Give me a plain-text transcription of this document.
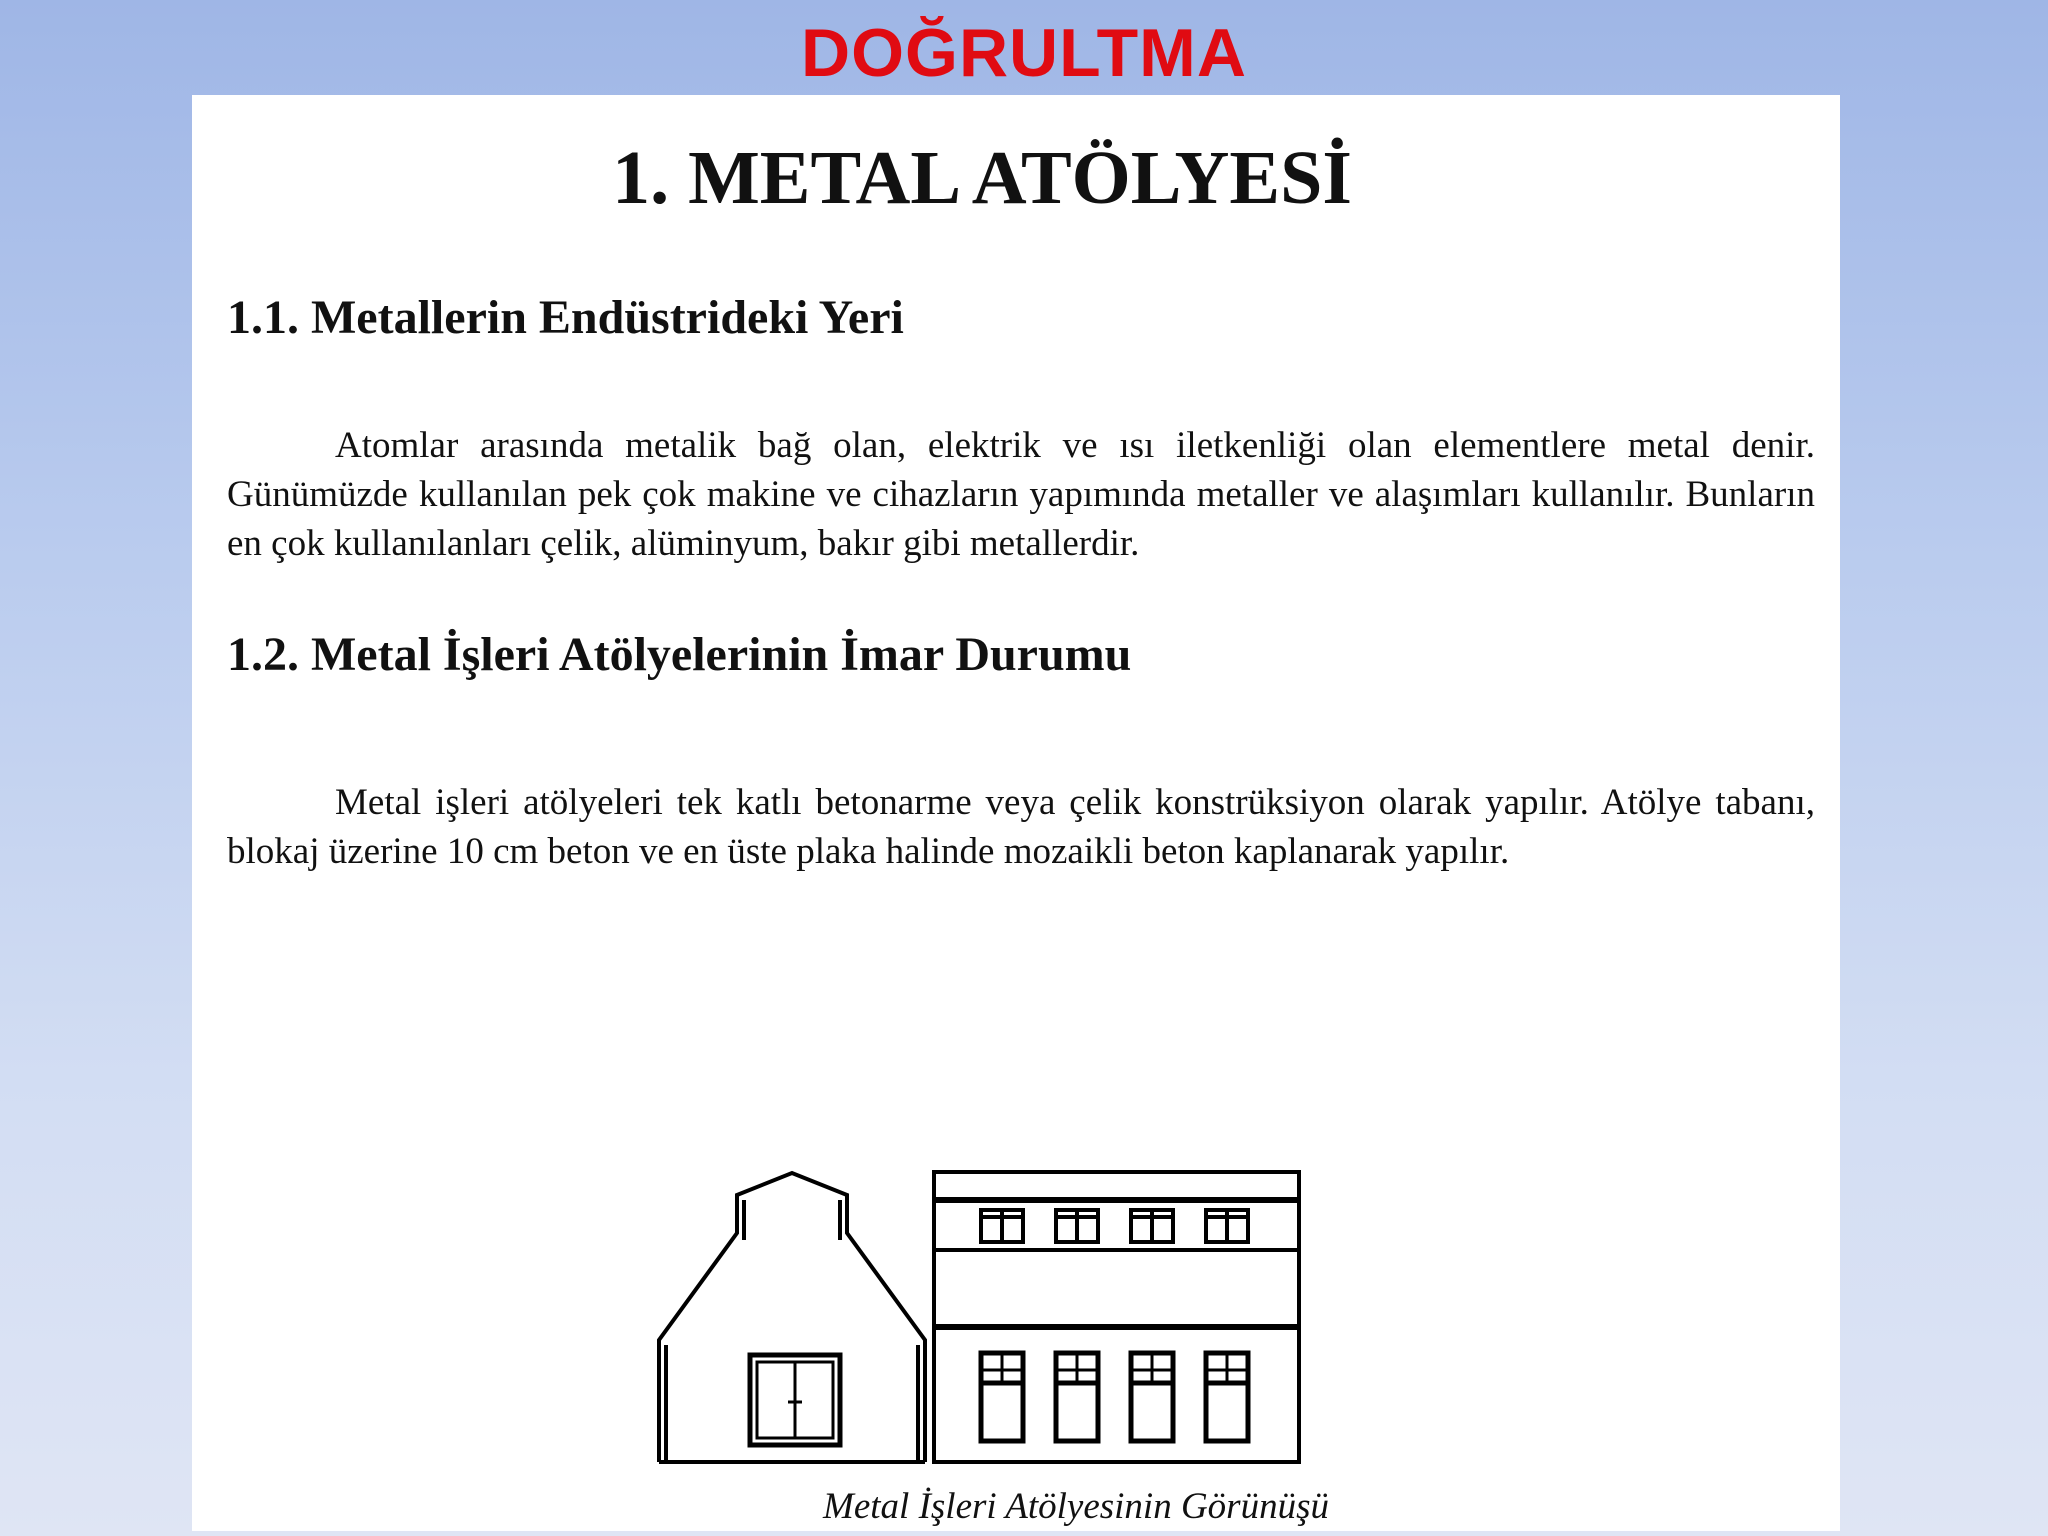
DOĞRULTMA
1. METAL ATÖLYESİ
1.1. Metallerin Endüstrideki Yeri

Atomlar arasında metalik bağ olan, elektrik ve ısı iletkenliği olan elementlere metal denir. Günümüzde kullanılan pek çok makine ve cihazların yapımında metaller ve alaşımları kullanılır. Bunların en çok kullanılanları çelik, alüminyum, bakır gibi metallerdir.

1.2. Metal İşleri Atölyelerinin İmar Durumu

Metal işleri atölyeleri tek katlı betonarme veya çelik konstrüksiyon olarak yapılır. Atölye tabanı, blokaj üzerine 10 cm beton ve en üste plaka halinde mozaikli beton kaplanarak yapılır.

Metal İşleri Atölyesinin Görünüşü
